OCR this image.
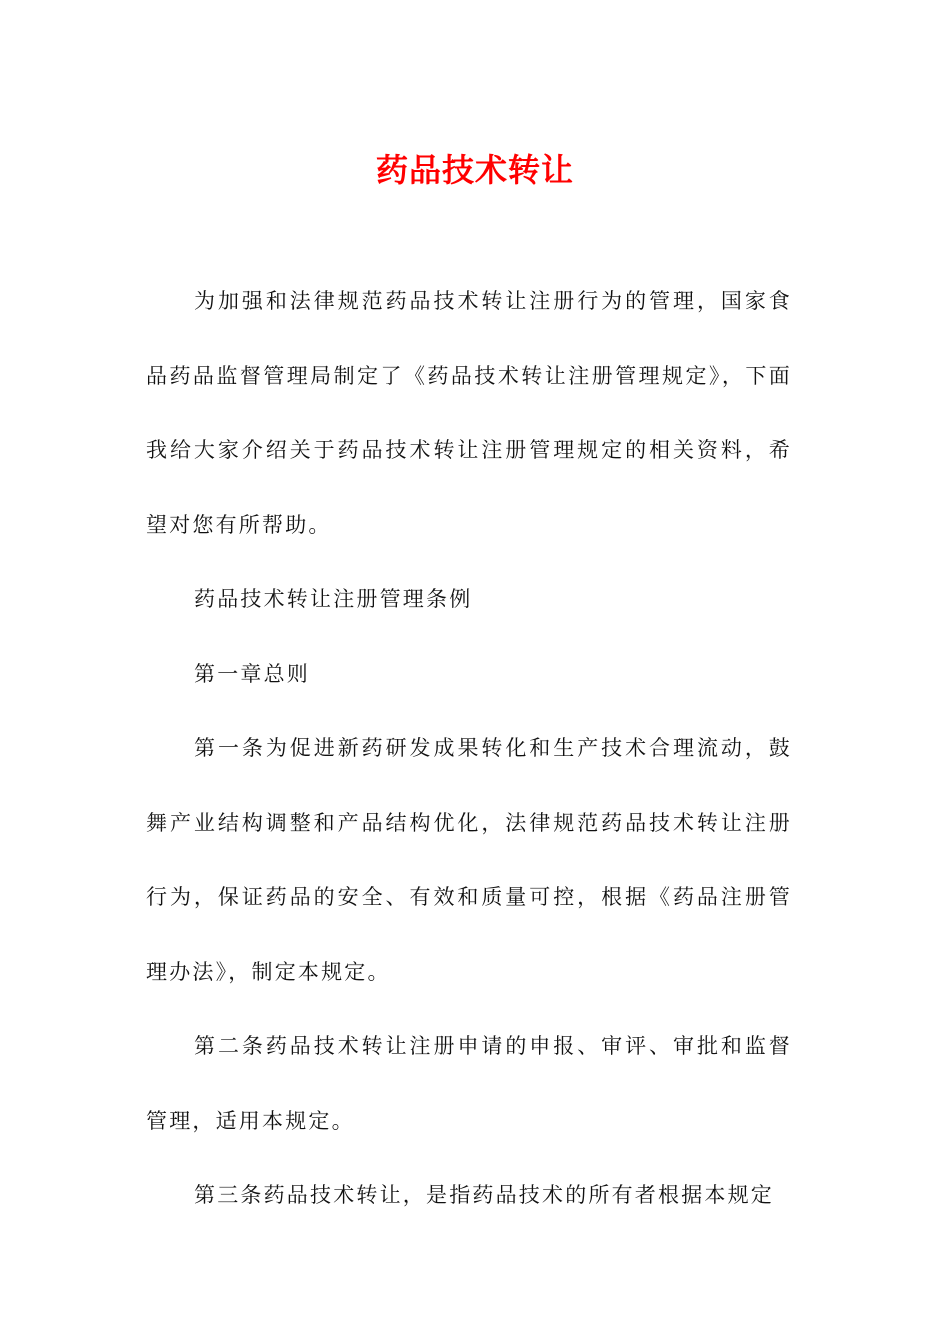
药品技术转让

为加强和法律规范药品技术转让注册行为的管理，国家食品药品监督管理局制定了《药品技术转让注册管理规定》，下面我给大家介绍关于药品技术转让注册管理规定的相关资料，希望对您有所帮助。

药品技术转让注册管理条例

第一章总则

第一条为促进新药研发成果转化和生产技术合理流动，鼓舞产业结构调整和产品结构优化，法律规范药品技术转让注册行为，保证药品的安全、有效和质量可控，根据《药品注册管理办法》，制定本规定。

第二条药品技术转让注册申请的申报、审评、审批和监督管理，适用本规定。

第三条药品技术转让，是指药品技术的所有者根据本规定
